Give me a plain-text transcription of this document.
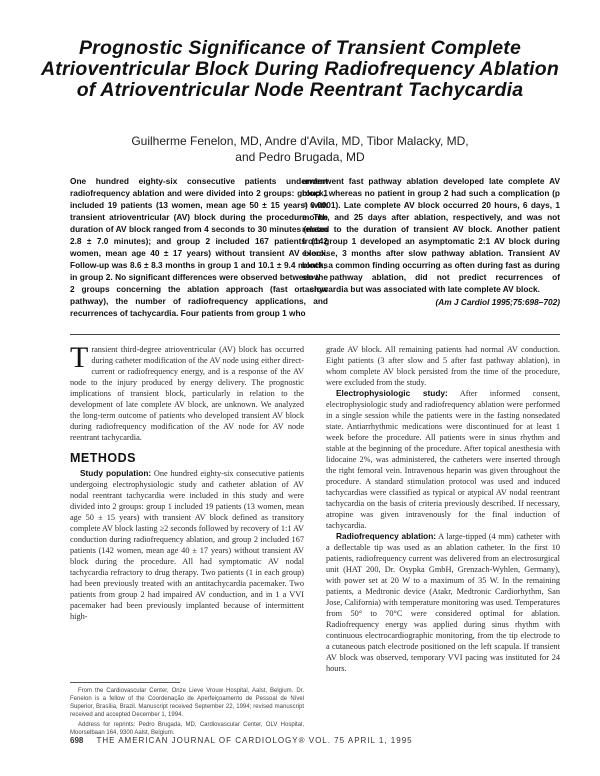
Prognostic Significance of Transient Complete Atrioventricular Block During Radiofrequency Ablation of Atrioventricular Node Reentrant Tachycardia
Guilherme Fenelon, MD, Andre d'Avila, MD, Tibor Malacky, MD,
and Pedro Brugada, MD
One hundred eighty-six consecutive patients underwent radiofrequency ablation and were divided into 2 groups: group 1 included 19 patients (13 women, mean age 50 ± 15 years) with transient atrioventricular (AV) block during the procedure. The duration of AV block ranged from 4 seconds to 30 minutes (mean 2.8 ± 7.0 minutes); and group 2 included 167 patients (142 women, mean age 40 ± 17 years) without transient AV block. Follow-up was 8.6 ± 8.3 months in group 1 and 10.1 ± 9.4 months in group 2. No significant differences were observed between the 2 groups concerning the ablation approach (fast or slow pathway), the number of radiofrequency applications, and recurrences of tachycardia. Four patients from group 1 who
underwent fast pathway ablation developed late complete AV block, whereas no patient in group 2 had such a complication (p = 0.0001). Late complete AV block occurred 20 hours, 6 days, 1 month, and 25 days after ablation, respectively, and was not related to the duration of transient AV block. Another patient from group 1 developed an asymptomatic 2:1 AV block during exercise, 3 months after slow pathway ablation. Transient AV block, a common finding occurring as often during fast as during slow pathway ablation, did not predict recurrences of tachycardia but was associated with late complete AV block.
(Am J Cardiol 1995;75:698–702)

Transient third-degree atrioventricular (AV) block has occurred during catheter modification of the AV node using either direct-current or radiofrequency energy, and is a response of the AV node to the injury produced by energy delivery. The prognostic implications of transient block, particularly in relation to the development of late complete AV block, are unknown. We analyzed the long-term outcome of patients who developed transient AV block during radiofrequency modification of the AV node for AV node reentrant tachycardia.

METHODS

Study population: One hundred eighty-six consecutive patients undergoing electrophysiologic study and catheter ablation of AV nodal reentrant tachycardia were included in this study and were divided into 2 groups: group 1 included 19 patients (13 women, mean age 50 ± 15 years) with transient AV block defined as transitory complete AV block lasting ≥2 seconds followed by recovery of 1:1 AV conduction during radiofrequency ablation, and group 2 included 167 patients (142 women, mean age 40 ± 17 years) without transient AV block during the procedure. All had symptomatic AV nodal tachycardia refractory to drug therapy. Two patients (1 in each group) had been previously treated with an antitachycardia pacemaker. Two patients from group 2 had impaired AV conduction, and in 1 a VVI pacemaker had been previously implanted because of intermittent high-

From the Cardiovascular Center, Onze Lieve Vrouw Hospital, Aalst, Belgium. Dr. Fenelon is a fellow of the Coordenação de Aperfeiçoamento de Pessoal de Nível Superior, Brasília, Brazil. Manuscript received September 22, 1994; revised manuscript received and accepted December 1, 1994.

Address for reprints: Pedro Brugada, MD, Cardiovascular Center, OLV Hospital, Moorselbaan 164, 9300 Aalst, Belgium.

grade AV block. All remaining patients had normal AV conduction. Eight patients (3 after slow and 5 after fast pathway ablation), in whom complete AV block persisted from the time of the procedure, were excluded from the study.

Electrophysiologic study: After informed consent, electrophysiologic study and radiofrequency ablation were performed in a single session while the patients were in the fasting nonsedated state. Antiarrhythmic medications were discontinued for at least 1 week before the procedure. All patients were in sinus rhythm and stable at the beginning of the procedure. After topical anesthesia with lidocaine 2%, was administered, the catheters were inserted through the right femoral vein. Intravenous heparin was given throughout the procedure. A standard stimulation protocol was used and induced tachycardias were classified as typical or atypical AV nodal reentrant tachycardia on the basis of criteria previously described. If necessary, atropine was given intravenously for the final induction of tachycardia.

Radiofrequency ablation: A large-tipped (4 mm) catheter with a deflectable tip was used as an ablation catheter. In the first 10 patients, radiofrequency current was delivered from an electrosurgical unit (HAT 200, Dr. Osypka GmbH, Grenzach-Wyhlen, Germany), with power set at 20 W to a maximum of 35 W. In the remaining patients, a Medtronic device (Atakr, Medtronic Cardiorhythm, San Jose, California) with temperature monitoring was used. Temperatures from 50° to 70°C were considered optimal for ablation. Radiofrequency energy was applied during sinus rhythm with continuous electrocardiographic monitoring, from the tip electrode to a cutaneous patch electrode positioned on the left scapula. If transient AV block was observed, temporary VVI pacing was instituted for 24 hours.

698 THE AMERICAN JOURNAL OF CARDIOLOGY® VOL. 75 APRIL 1, 1995
